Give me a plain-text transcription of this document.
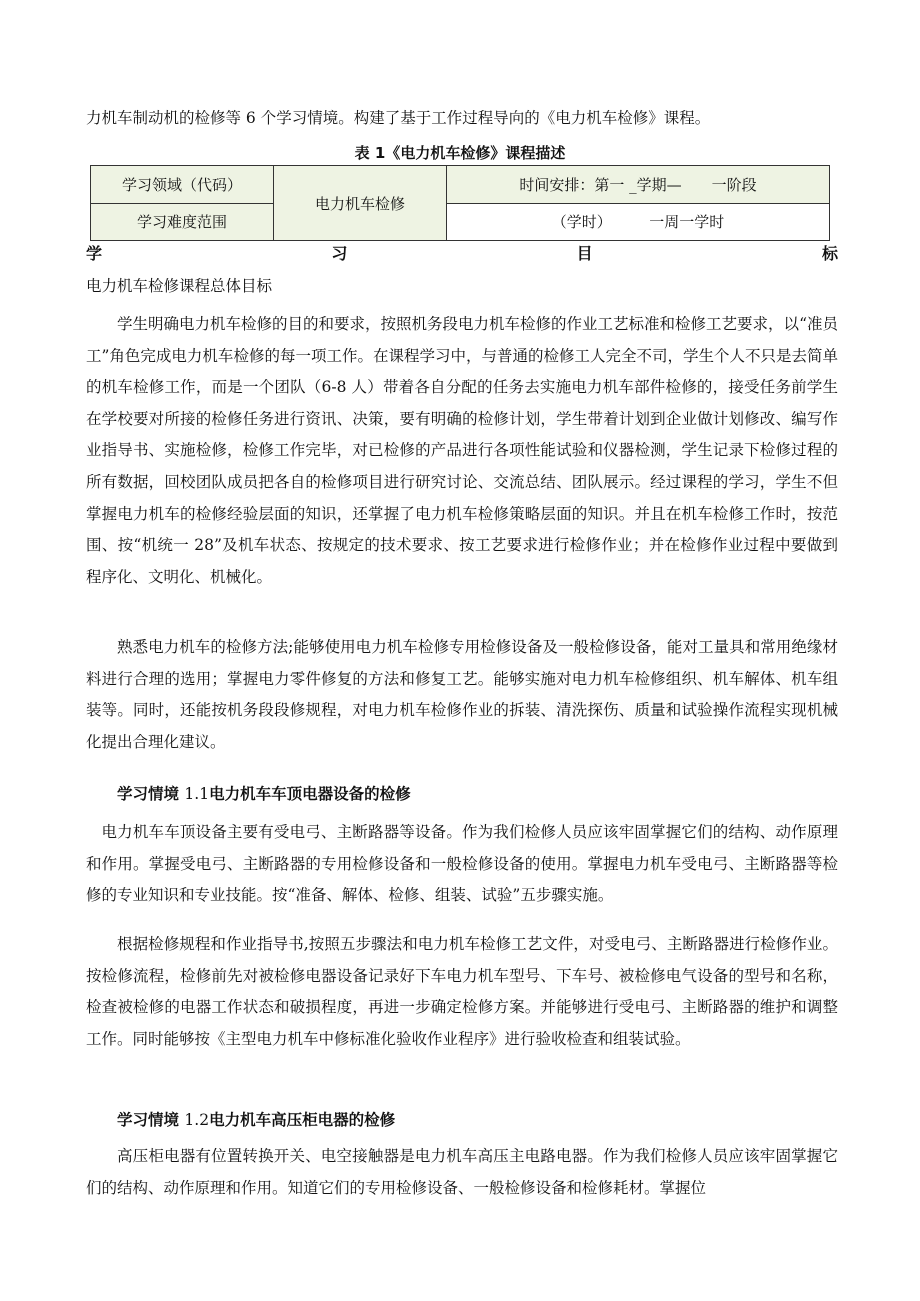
力机车制动机的检修等 6 个学习情境。构建了基于工作过程导向的《电力机车检修》课程。

表 1《电力机车检修》课程描述
学习领域（代码）	电力机车检修	时间安排：第一 _学期—　　一阶段
学习难度范围		（学时）　　　一周一学时
学	习	目	标

电力机车检修课程总体目标

学生明确电力机车检修的目的和要求，按照机务段电力机车检修的作业工艺标准和检修工艺要求，以“准员工”角色完成电力机车检修的每一项工作。在课程学习中，与普通的检修工人完全不司，学生个人不只是去简单的机车检修工作，而是一个团队（6-8 人）带着各自分配的任务去实施电力机车部件检修的，接受任务前学生在学校要对所接的检修任务进行资讯、决策，要有明确的检修计划，学生带着计划到企业做计划修改、编写作业指导书、实施检修，检修工作完毕，对已检修的产品进行各项性能试验和仪器检测，学生记录下检修过程的所有数据，回校团队成员把各自的检修项目进行研究讨论、交流总结、团队展示。经过课程的学习，学生不但掌握电力机车的检修经验层面的知识，还掌握了电力机车检修策略层面的知识。并且在机车检修工作时，按范围、按“机统一 28”及机车状态、按规定的技术要求、按工艺要求进行检修作业；并在检修作业过程中要做到程序化、文明化、机械化。

熟悉电力机车的检修方法;能够使用电力机车检修专用检修设备及一般检修设备，能对工量具和常用绝缘材料进行合理的选用；掌握电力零件修复的方法和修复工艺。能够实施对电力机车检修组织、机车解体、机车组装等。同时，还能按机务段段修规程，对电力机车检修作业的拆装、清洗探伤、质量和试验操作流程实现机械化提出合理化建议。

学习情境 1.1电力机车车顶电器设备的检修

电力机车车顶设备主要有受电弓、主断路器等设备。作为我们检修人员应该牢固掌握它们的结构、动作原理和作用。掌握受电弓、主断路器的专用检修设备和一般检修设备的使用。掌握电力机车受电弓、主断路器等检修的专业知识和专业技能。按“准备、解体、检修、组装、试验”五步骤实施。

根据检修规程和作业指导书,按照五步骤法和电力机车检修工艺文件，对受电弓、主断路器进行检修作业。按检修流程，检修前先对被检修电器设备记录好下车电力机车型号、下车号、被检修电气设备的型号和名称，检查被检修的电器工作状态和破损程度，再进一步确定检修方案。并能够进行受电弓、主断路器的维护和调整工作。同时能够按《主型电力机车中修标准化验收作业程序》进行验收检查和组装试验。

学习情境 1.2电力机车高压柜电器的检修

高压柜电器有位置转换开关、电空接触器是电力机车高压主电路电器。作为我们检修人员应该牢固掌握它们的结构、动作原理和作用。知道它们的专用检修设备、一般检修设备和检修耗材。掌握位
